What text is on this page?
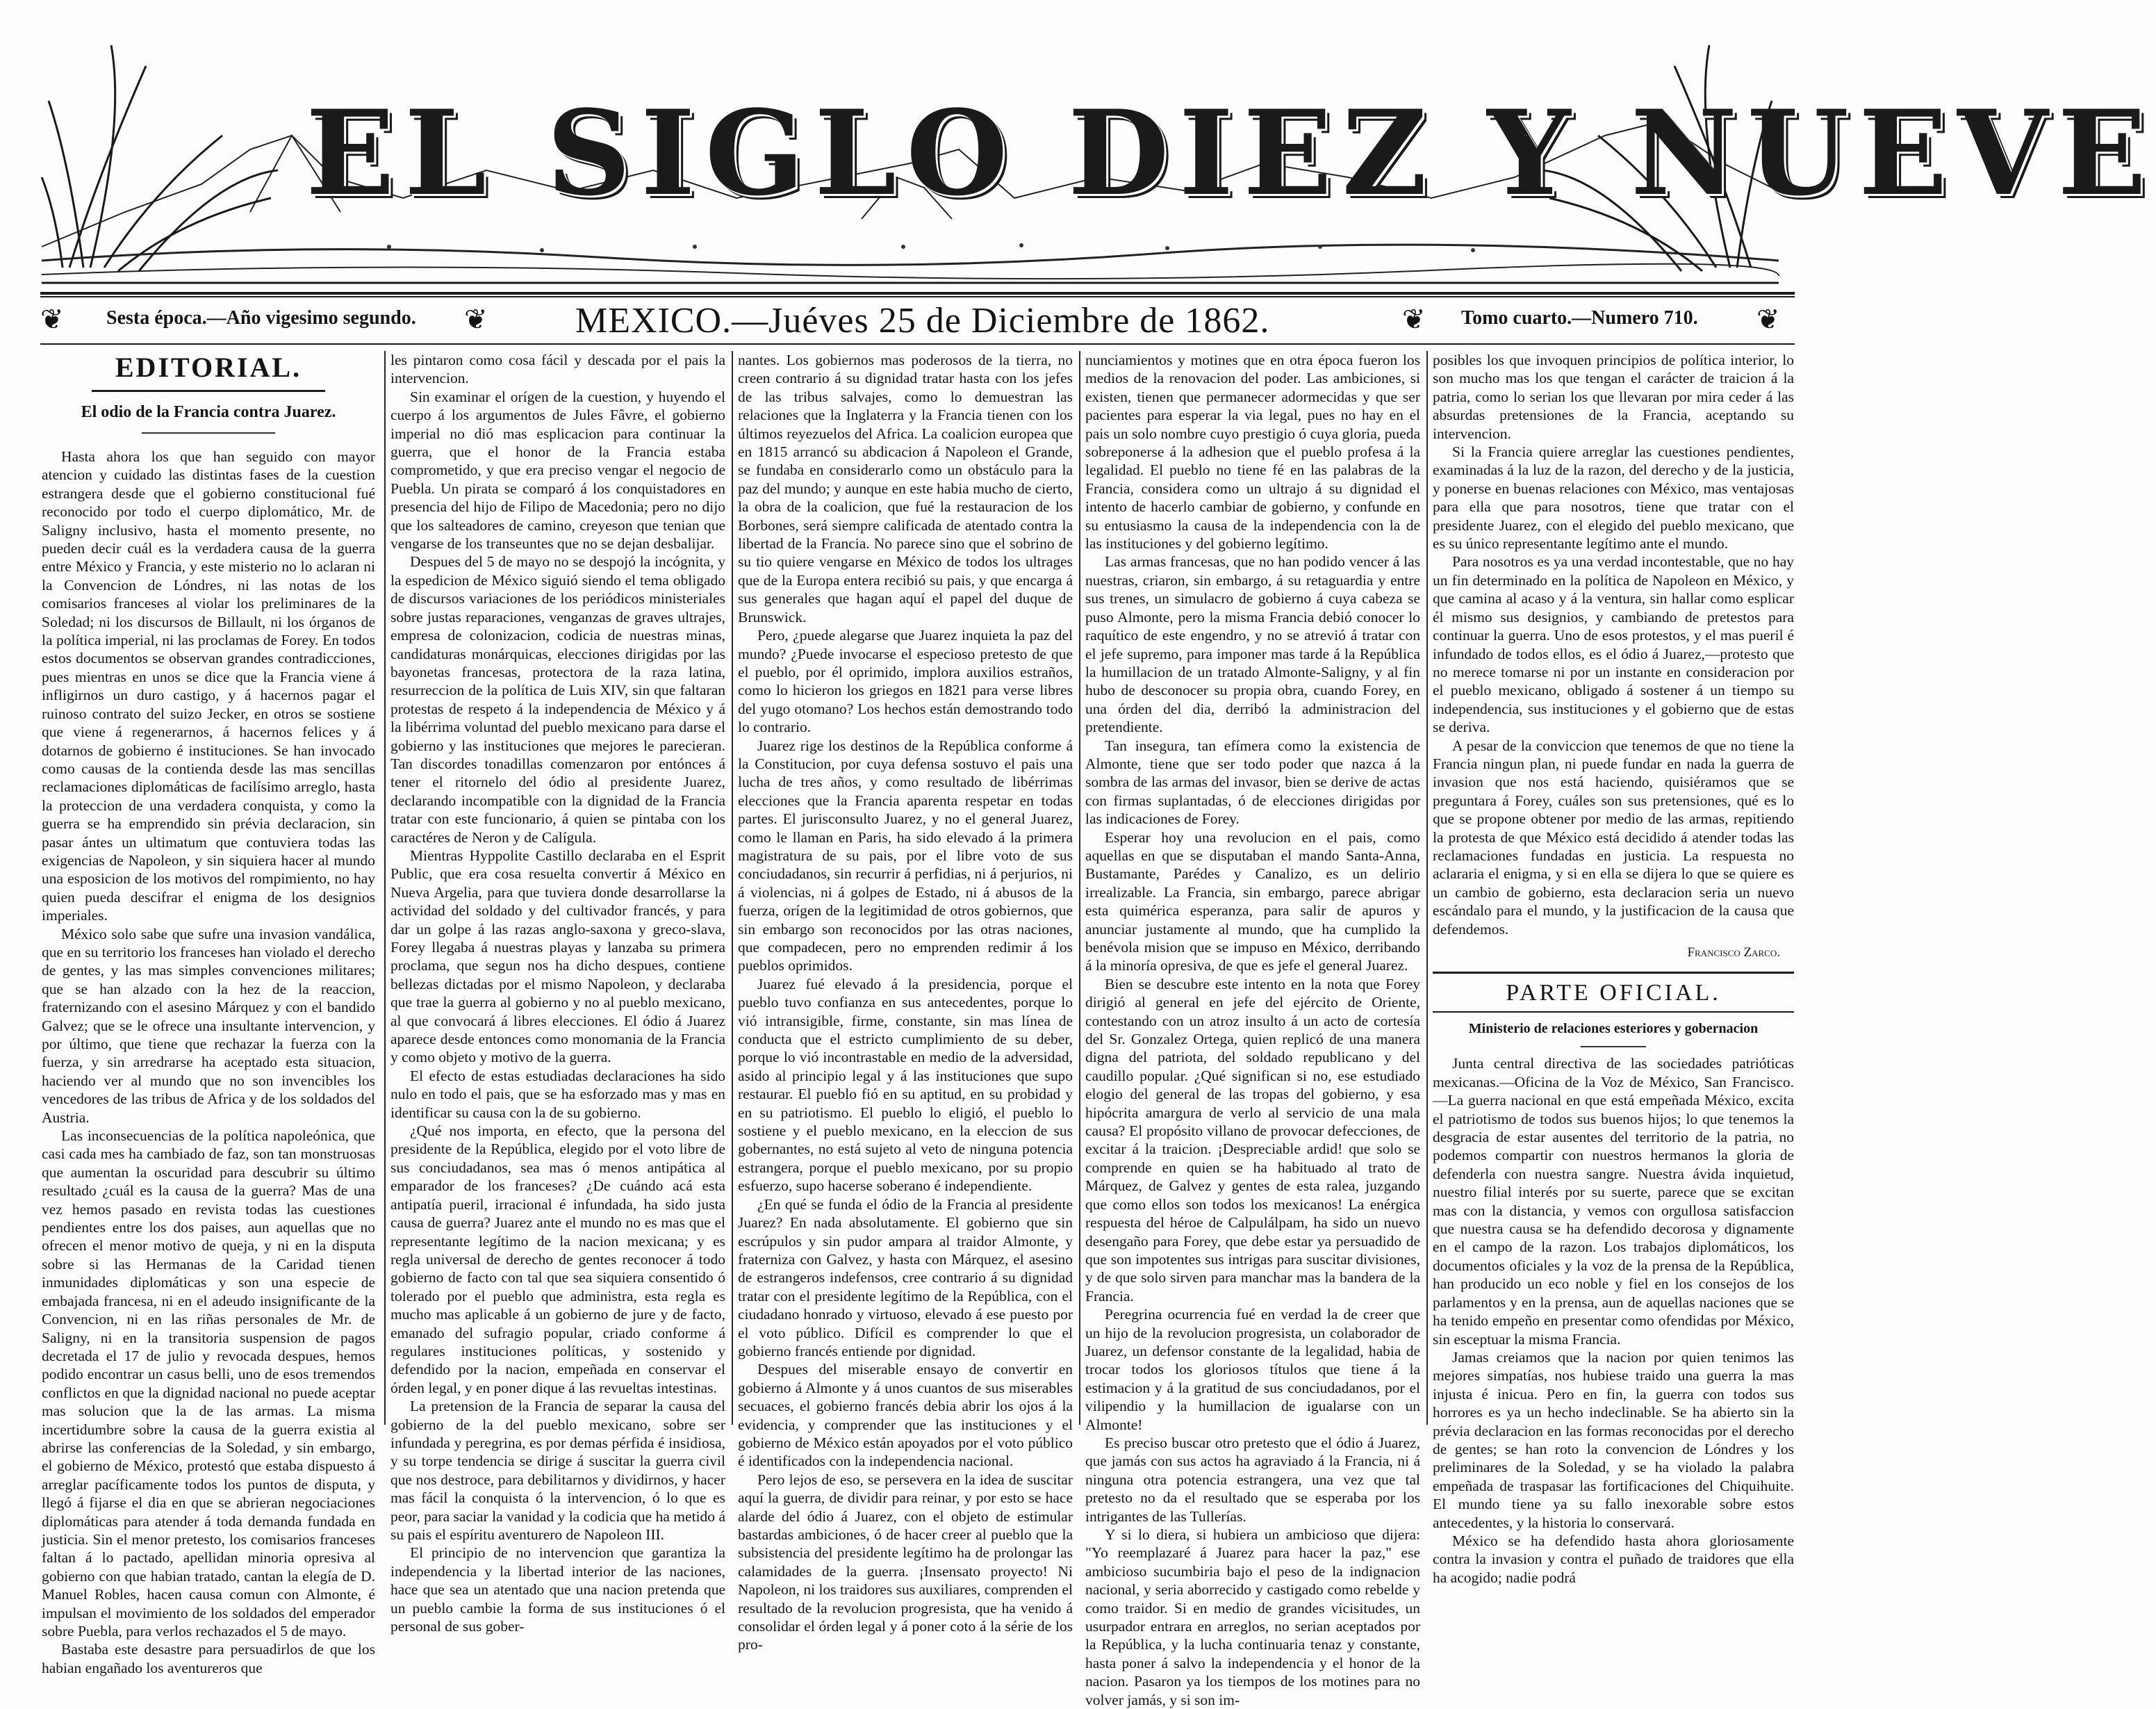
EL SIGLO DIEZ Y NUEVE
❦ Sesta época.—Año vigesimo segundo. ❦ MEXICO.—Juéves 25 de Diciembre de 1862.	❦ Tomo cuarto.—Numero 710. ❦
EDITORIAL.
El odio de la Francia contra Juarez.

Hasta ahora los que han seguido con mayor atencion y cuidado las distintas fases de la cuestion estrangera desde que el gobierno constitucional fué reconocido por todo el cuerpo diplomático, Mr. de Saligny inclusivo, hasta el momento presente, no pueden decir cuál es la verdadera causa de la guerra entre México y Francia, y este misterio no lo aclaran ni la Convencion de Lóndres, ni las notas de los comisarios franceses al violar los preliminares de la Soledad; ni los discursos de Billault, ni los órganos de la política imperial, ni las proclamas de Forey. En todos estos documentos se observan grandes contradicciones, pues mientras en unos se dice que la Francia viene á infligirnos un duro castigo, y á hacernos pagar el ruinoso contrato del suizo Jecker, en otros se sostiene que viene á regenerarnos, á hacernos felices y á dotarnos de gobierno é instituciones. Se han invocado como causas de la contienda desde las mas sencillas reclamaciones diplomáticas de facilísimo arreglo, hasta la proteccion de una verdadera conquista, y como la guerra se ha emprendido sin prévia declaracion, sin pasar ántes un ultimatum que contuviera todas las exigencias de Napoleon, y sin siquiera hacer al mundo una esposicion de los motivos del rompimiento, no hay quien pueda descifrar el enigma de los designios imperiales.

México solo sabe que sufre una invasion vandálica, que en su territorio los franceses han violado el derecho de gentes, y las mas simples convenciones militares; que se han alzado con la hez de la reaccion, fraternizando con el asesino Márquez y con el bandido Galvez; que se le ofrece una insultante intervencion, y por último, que tiene que rechazar la fuerza con la fuerza, y sin arredrarse ha aceptado esta situacion, haciendo ver al mundo que no son invencibles los vencedores de las tribus de Africa y de los soldados del Austria.

Las inconsecuencias de la política napoleónica, que casi cada mes ha cambiado de faz, son tan monstruosas que aumentan la oscuridad para descubrir su último resultado ¿cuál es la causa de la guerra? Mas de una vez hemos pasado en revista todas las cuestiones pendientes entre los dos paises, aun aquellas que no ofrecen el menor motivo de queja, y ni en la disputa sobre si las Hermanas de la Caridad tienen inmunidades diplomáticas y son una especie de embajada francesa, ni en el adeudo insignificante de la Convencion, ni en las riñas personales de Mr. de Saligny, ni en la transitoria suspension de pagos decretada el 17 de julio y revocada despues, hemos podido encontrar un casus belli, uno de esos tremendos conflictos en que la dignidad nacional no puede aceptar mas solucion que la de las armas. La misma incertidumbre sobre la causa de la guerra existia al abrirse las conferencias de la Soledad, y sin embargo, el gobierno de México, protestó que estaba dispuesto á arreglar pacíficamente todos los puntos de disputa, y llegó á fijarse el dia en que se abrieran negociaciones diplomáticas para atender á toda demanda fundada en justicia. Sin el menor pretesto, los comisarios franceses faltan á lo pactado, apellidan minoria opresiva al gobierno con que habian tratado, cantan la elegía de D. Manuel Robles, hacen causa comun con Almonte, é impulsan el movimiento de los soldados del emperador sobre Puebla, para verlos rechazados el 5 de mayo.

Bastaba este desastre para persuadirlos de que los habian engañado los aventureros que

les pintaron como cosa fácil y descada por el pais la intervencion.

Sin examinar el orígen de la cuestion, y huyendo el cuerpo á los argumentos de Jules Fâvre, el gobierno imperial no dió mas esplicacion para continuar la guerra, que el honor de la Francia estaba comprometido, y que era preciso vengar el negocio de Puebla. Un pirata se comparó á los conquistadores en presencia del hijo de Filipo de Macedonia; pero no dijo que los salteadores de camino, creyeson que tenian que vengarse de los transeuntes que no se dejan desbalijar.

Despues del 5 de mayo no se despojó la incógnita, y la espedicion de México siguió siendo el tema obligado de discursos variaciones de los periódicos ministeriales sobre justas reparaciones, venganzas de graves ultrajes, empresa de colonizacion, codicia de nuestras minas, candidaturas monárquicas, elecciones dirigidas por las bayonetas francesas, protectora de la raza latina, resurreccion de la política de Luis XIV, sin que faltaran protestas de respeto á la independencia de México y á la libérrima voluntad del pueblo mexicano para darse el gobierno y las instituciones que mejores le parecieran. Tan discordes tonadillas comenzaron por entónces á tener el ritornelo del ódio al presidente Juarez, declarando incompatible con la dignidad de la Francia tratar con este funcionario, á quien se pintaba con los caractéres de Neron y de Calígula.

Mientras Hyppolite Castillo declaraba en el Esprit Public, que era cosa resuelta convertir á México en Nueva Argelia, para que tuviera donde desarrollarse la actividad del soldado y del cultivador francés, y para dar un golpe á las razas anglo-saxona y greco-slava, Forey llegaba á nuestras playas y lanzaba su primera proclama, que segun nos ha dicho despues, contiene bellezas dictadas por el mismo Napoleon, y declaraba que trae la guerra al gobierno y no al pueblo mexicano, al que convocará á libres elecciones. El ódio á Juarez aparece desde entonces como monomania de la Francia y como objeto y motivo de la guerra.

El efecto de estas estudiadas declaraciones ha sido nulo en todo el pais, que se ha esforzado mas y mas en identificar su causa con la de su gobierno.

¿Qué nos importa, en efecto, que la persona del presidente de la República, elegido por el voto libre de sus conciudadanos, sea mas ó menos antipática al emparador de los franceses? ¿De cuándo acá esta antipatía pueril, irracional é infundada, ha sido justa causa de guerra? Juarez ante el mundo no es mas que el representante legítimo de la nacion mexicana; y es regla universal de derecho de gentes reconocer á todo gobierno de facto con tal que sea siquiera consentido ó tolerado por el pueblo que administra, esta regla es mucho mas aplicable á un gobierno de jure y de facto, emanado del sufragio popular, criado conforme á regulares instituciones políticas, y sostenido y defendido por la nacion, empeñada en conservar el órden legal, y en poner dique á las revueltas intestinas.

La pretension de la Francia de separar la causa del gobierno de la del pueblo mexicano, sobre ser infundada y peregrina, es por demas pérfida é insidiosa, y su torpe tendencia se dirige á suscitar la guerra civil que nos destroce, para debilitarnos y dividirnos, y hacer mas fácil la conquista ó la intervencion, ó lo que es peor, para saciar la vanidad y la codicia que ha metido á su pais el espíritu aventurero de Napoleon III.

El principio de no intervencion que garantiza la independencia y la libertad interior de las naciones, hace que sea un atentado que una nacion pretenda que un pueblo cambie la forma de sus instituciones ó el personal de sus gober-

nantes. Los gobiernos mas poderosos de la tierra, no creen contrario á su dignidad tratar hasta con los jefes de las tribus salvajes, como lo demuestran las relaciones que la Inglaterra y la Francia tienen con los últimos reyezuelos del Africa. La coalicion europea que en 1815 arrancó su abdicacion á Napoleon el Grande, se fundaba en considerarlo como un obstáculo para la paz del mundo; y aunque en este habia mucho de cierto, la obra de la coalicion, que fué la restauracion de los Borbones, será siempre calificada de atentado contra la libertad de la Francia. No parece sino que el sobrino de su tio quiere vengarse en México de todos los ultrages que de la Europa entera recibió su pais, y que encarga á sus generales que hagan aquí el papel del duque de Brunswick.

Pero, ¿puede alegarse que Juarez inquieta la paz del mundo? ¿Puede invocarse el especioso pretesto de que el pueblo, por él oprimido, implora auxilios estraños, como lo hicieron los griegos en 1821 para verse libres del yugo otomano? Los hechos están demostrando todo lo contrario.

Juarez rige los destinos de la República conforme á la Constitucion, por cuya defensa sostuvo el pais una lucha de tres años, y como resultado de libérrimas elecciones que la Francia aparenta respetar en todas partes. El jurisconsulto Juarez, y no el general Juarez, como le llaman en Paris, ha sido elevado á la primera magistratura de su pais, por el libre voto de sus conciudadanos, sin recurrir á perfidias, ni á perjurios, ni á violencias, ni á golpes de Estado, ni á abusos de la fuerza, orígen de la legitimidad de otros gobiernos, que sin embargo son reconocidos por las otras naciones, que compadecen, pero no emprenden redimir á los pueblos oprimidos.

Juarez fué elevado á la presidencia, porque el pueblo tuvo confianza en sus antecedentes, porque lo vió intransigible, firme, constante, sin mas línea de conducta que el estricto cumplimiento de su deber, porque lo vió incontrastable en medio de la adversidad, asido al principio legal y á las instituciones que supo restaurar. El pueblo fió en su aptitud, en su probidad y en su patriotismo. El pueblo lo eligió, el pueblo lo sostiene y el pueblo mexicano, en la eleccion de sus gobernantes, no está sujeto al veto de ninguna potencia estrangera, porque el pueblo mexicano, por su propio esfuerzo, supo hacerse soberano é independiente.

¿En qué se funda el ódio de la Francia al presidente Juarez? En nada absolutamente. El gobierno que sin escrúpulos y sin pudor ampara al traidor Almonte, y fraterniza con Galvez, y hasta con Márquez, el asesino de estrangeros indefensos, cree contrario á su dignidad tratar con el presidente legítimo de la República, con el ciudadano honrado y virtuoso, elevado á ese puesto por el voto público. Difícil es comprender lo que el gobierno francés entiende por dignidad.

Despues del miserable ensayo de convertir en gobierno á Almonte y á unos cuantos de sus miserables secuaces, el gobierno francés debia abrir los ojos á la evidencia, y comprender que las instituciones y el gobierno de México están apoyados por el voto público é identificados con la independencia nacional.

Pero lejos de eso, se persevera en la idea de suscitar aquí la guerra, de dividir para reinar, y por esto se hace alarde del ódio á Juarez, con el objeto de estimular bastardas ambiciones, ó de hacer creer al pueblo que la subsistencia del presidente legítimo ha de prolongar las calamidades de la guerra. ¡Insensato proyecto! Ni Napoleon, ni los traidores sus auxiliares, comprenden el resultado de la revolucion progresista, que ha venido á consolidar el órden legal y á poner coto á la série de los pro-

nunciamientos y motines que en otra época fueron los medios de la renovacion del poder. Las ambiciones, si existen, tienen que permanecer adormecidas y que ser pacientes para esperar la via legal, pues no hay en el pais un solo nombre cuyo prestigio ó cuya gloria, pueda sobreponerse á la adhesion que el pueblo profesa á la legalidad. El pueblo no tiene fé en las palabras de la Francia, considera como un ultrajo á su dignidad el intento de hacerlo cambiar de gobierno, y confunde en su entusiasmo la causa de la independencia con la de las instituciones y del gobierno legítimo.

Las armas francesas, que no han podido vencer á las nuestras, criaron, sin embargo, á su retaguardia y entre sus trenes, un simulacro de gobierno á cuya cabeza se puso Almonte, pero la misma Francia debió conocer lo raquítico de este engendro, y no se atrevió á tratar con el jefe supremo, para imponer mas tarde á la República la humillacion de un tratado Almonte-Saligny, y al fin hubo de desconocer su propia obra, cuando Forey, en una órden del dia, derribó la administracion del pretendiente.

Tan insegura, tan efímera como la existencia de Almonte, tiene que ser todo poder que nazca á la sombra de las armas del invasor, bien se derive de actas con firmas suplantadas, ó de elecciones dirigidas por las indicaciones de Forey.

Esperar hoy una revolucion en el pais, como aquellas en que se disputaban el mando Santa-Anna, Bustamante, Parédes y Canalizo, es un delirio irrealizable. La Francia, sin embargo, parece abrigar esta quimérica esperanza, para salir de apuros y anunciar justamente al mundo, que ha cumplido la benévola mision que se impuso en México, derribando á la minoría opresiva, de que es jefe el general Juarez.

Bien se descubre este intento en la nota que Forey dirigió al general en jefe del ejército de Oriente, contestando con un atroz insulto á un acto de cortesía del Sr. Gonzalez Ortega, quien replicó de una manera digna del patriota, del soldado republicano y del caudillo popular. ¿Qué significan si no, ese estudiado elogio del general de las tropas del gobierno, y esa hipócrita amargura de verlo al servicio de una mala causa? El propósito villano de provocar defecciones, de excitar á la traicion. ¡Despreciable ardid! que solo se comprende en quien se ha habituado al trato de Márquez, de Galvez y gentes de esta ralea, juzgando que como ellos son todos los mexicanos! La enérgica respuesta del héroe de Calpulálpam, ha sido un nuevo desengaño para Forey, que debe estar ya persuadido de que son impotentes sus intrigas para suscitar divisiones, y de que solo sirven para manchar mas la bandera de la Francia.

Peregrina ocurrencia fué en verdad la de creer que un hijo de la revolucion progresista, un colaborador de Juarez, un defensor constante de la legalidad, habia de trocar todos los gloriosos títulos que tiene á la estimacion y á la gratitud de sus conciudadanos, por el vilipendio y la humillacion de igualarse con un Almonte!

Es preciso buscar otro pretesto que el ódio á Juarez, que jamás con sus actos ha agraviado á la Francia, ni á ninguna otra potencia estrangera, una vez que tal pretesto no da el resultado que se esperaba por los intrigantes de las Tullerías.

Y si lo diera, si hubiera un ambicioso que dijera: "Yo reemplazaré á Juarez para hacer la paz," ese ambicioso sucumbiria bajo el peso de la indignacion nacional, y seria aborrecido y castigado como rebelde y como traidor. Si en medio de grandes vicisitudes, un usurpador entrara en arreglos, no serian aceptados por la República, y la lucha continuaria tenaz y constante, hasta poner á salvo la independencia y el honor de la nacion. Pasaron ya los tiempos de los motines para no volver jamás, y si son im-

posibles los que invoquen principios de política interior, lo son mucho mas los que tengan el carácter de traicion á la patria, como lo serian los que llevaran por mira ceder á las absurdas pretensiones de la Francia, aceptando su intervencion.

Si la Francia quiere arreglar las cuestiones pendientes, examinadas á la luz de la razon, del derecho y de la justicia, y ponerse en buenas relaciones con México, mas ventajosas para ella que para nosotros, tiene que tratar con el presidente Juarez, con el elegido del pueblo mexicano, que es su único representante legítimo ante el mundo.

Para nosotros es ya una verdad incontestable, que no hay un fin determinado en la política de Napoleon en México, y que camina al acaso y á la ventura, sin hallar como esplicar él mismo sus designios, y cambiando de pretestos para continuar la guerra. Uno de esos protestos, y el mas pueril é infundado de todos ellos, es el ódio á Juarez,—protesto que no merece tomarse ni por un instante en consideracion por el pueblo mexicano, obligado á sostener á un tiempo su independencia, sus instituciones y el gobierno que de estas se deriva.

A pesar de la conviccion que tenemos de que no tiene la Francia ningun plan, ni puede fundar en nada la guerra de invasion que nos está haciendo, quisiéramos que se preguntara á Forey, cuáles son sus pretensiones, qué es lo que se propone obtener por medio de las armas, repitiendo la protesta de que México está decidido á atender todas las reclamaciones fundadas en justicia. La respuesta no aclararia el enigma, y si en ella se dijera lo que se quiere es un cambio de gobierno, esta declaracion seria un nuevo escándalo para el mundo, y la justificacion de la causa que defendemos.

Francisco Zarco.
PARTE OFICIAL.
Ministerio de relaciones esteriores y gobernacion

Junta central directiva de las sociedades patrióticas mexicanas.—Oficina de la Voz de México, San Francisco.—La guerra nacional en que está empeñada México, excita el patriotismo de todos sus buenos hijos; lo que tenemos la desgracia de estar ausentes del territorio de la patria, no podemos compartir con nuestros hermanos la gloria de defenderla con nuestra sangre. Nuestra ávida inquietud, nuestro filial interés por su suerte, parece que se excitan mas con la distancia, y vemos con orgullosa satisfaccion que nuestra causa se ha defendido decorosa y dignamente en el campo de la razon. Los trabajos diplomáticos, los documentos oficiales y la voz de la prensa de la República, han producido un eco noble y fiel en los consejos de los parlamentos y en la prensa, aun de aquellas naciones que se ha tenido empeño en presentar como ofendidas por México, sin esceptuar la misma Francia.

Jamas creiamos que la nacion por quien tenimos las mejores simpatías, nos hubiese traido una guerra la mas injusta é inicua. Pero en fin, la guerra con todos sus horrores es ya un hecho indeclinable. Se ha abierto sin la prévia declaracion en las formas reconocidas por el derecho de gentes; se han roto la convencion de Lóndres y los preliminares de la Soledad, y se ha violado la palabra empeñada de traspasar las fortificaciones del Chiquihuite. El mundo tiene ya su fallo inexorable sobre estos antecedentes, y la historia lo conservará.

México se ha defendido hasta ahora gloriosamente contra la invasion y contra el puñado de traidores que ella ha acogido; nadie podrá
